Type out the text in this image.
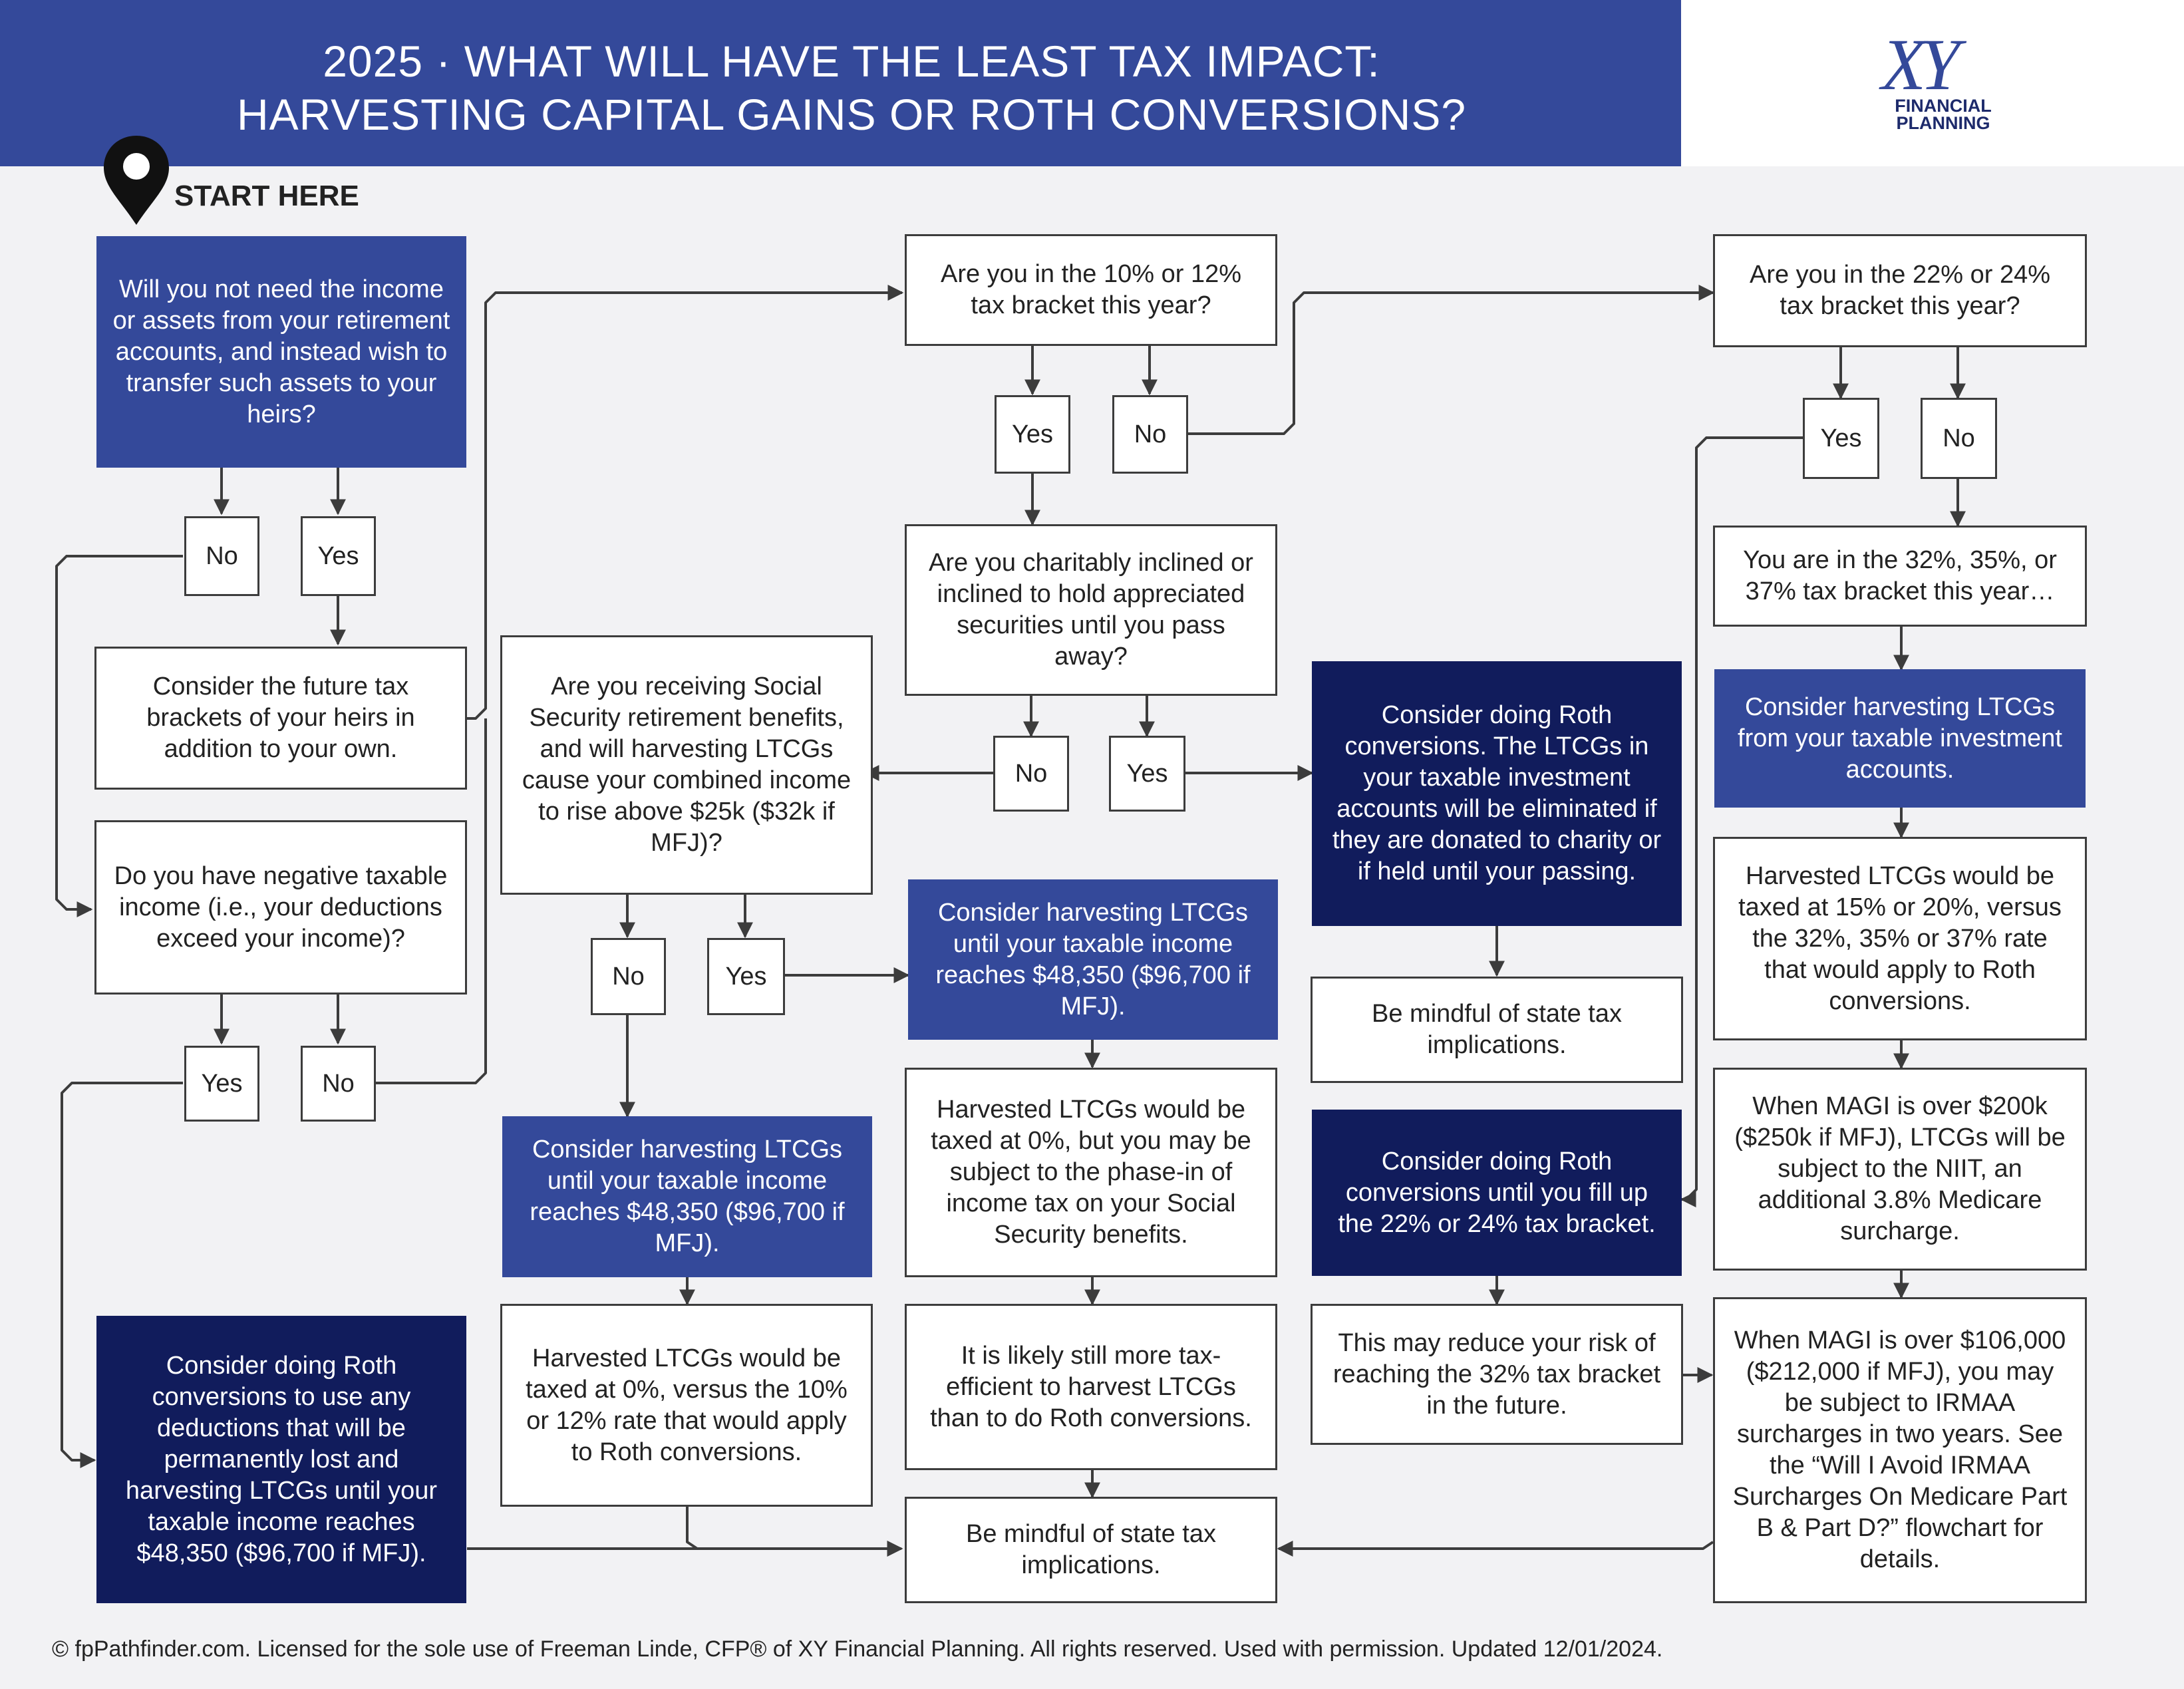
2025 · WHAT WILL HAVE THE LEAST TAX IMPACT:
HARVESTING CAPITAL GAINS OR ROTH CONVERSIONS?
XY
FINANCIAL
PLANNING
START HERE
Will you not need the income or assets from your retirement accounts, and instead wish to transfer such assets to your heirs?
No	Yes
Consider the future tax brackets of your heirs in addition to your own.
Do you have negative taxable income (i.e., your deductions exceed your income)?
Yes	No
Consider doing Roth conversions to use any deductions that will be permanently lost and harvesting LTCGs until your taxable income reaches $48,350 ($96,700 if MFJ).
Are you receiving Social Security retirement benefits, and will harvesting LTCGs cause your combined income to rise above $25k ($32k if MFJ)?
No	Yes
Consider harvesting LTCGs until your taxable income reaches $48,350 ($96,700 if MFJ).
Harvested LTCGs would be taxed at 0%, versus the 10% or 12% rate that would apply to Roth conversions.
Are you in the 10% or 12% tax bracket this year?
Yes	No
Are you charitably inclined or inclined to hold appreciated securities until you pass away?
No	Yes
Consider harvesting LTCGs until your taxable income reaches $48,350 ($96,700 if MFJ).
Harvested LTCGs would be taxed at 0%, but you may be subject to the phase-in of income tax on your Social Security benefits.
It is likely still more tax-efficient to harvest LTCGs than to do Roth conversions.
Be mindful of state tax implications.
Consider doing Roth conversions. The LTCGs in your taxable investment accounts will be eliminated if they are donated to charity or if held until your passing.
Be mindful of state tax implications.
Consider doing Roth conversions until you fill up the 22% or 24% tax bracket.
This may reduce your risk of reaching the 32% tax bracket in the future.
Are you in the 22% or 24% tax bracket this year?
Yes	No
You are in the 32%, 35%, or 37% tax bracket this year…
Consider harvesting LTCGs from your taxable investment accounts.
Harvested LTCGs would be taxed at 15% or 20%, versus the 32%, 35% or 37% rate that would apply to Roth conversions.
When MAGI is over $200k ($250k if MFJ), LTCGs will be subject to the NIIT, an additional 3.8% Medicare surcharge.
When MAGI is over $106,000 ($212,000 if MFJ), you may be subject to IRMAA surcharges in two years. See the “Will I Avoid IRMAA Surcharges On Medicare Part B & Part D?” flowchart for details.
© fpPathfinder.com. Licensed for the sole use of Freeman Linde, CFP® of XY Financial Planning. All rights reserved. Used with permission. Updated 12/01/2024.
